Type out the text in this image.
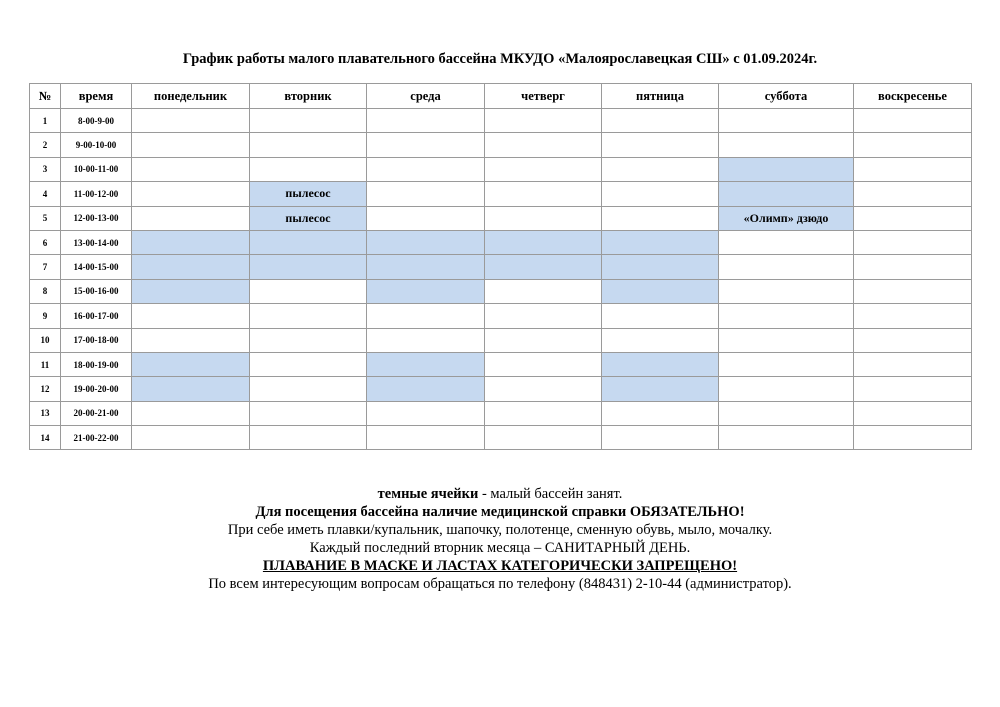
График работы малого плавательного бассейна МКУДО «Малоярославецкая СШ» с 01.09.2024г.
№	время	понедельник	вторник	среда	четверг	пятница	суббота	воскресенье
1	8-00-9-00							
2	9-00-10-00							
3	10-00-11-00							
4	11-00-12-00		пылесос					
5	12-00-13-00		пылесос				«Олимп» дзюдо	
6	13-00-14-00							
7	14-00-15-00							
8	15-00-16-00							
9	16-00-17-00							
10	17-00-18-00							
11	18-00-19-00							
12	19-00-20-00							
13	20-00-21-00							
14	21-00-22-00							
темные ячейки - малый бассейн занят.
Для посещения бассейна наличие медицинской справки ОБЯЗАТЕЛЬНО!
При себе иметь плавки/купальник, шапочку, полотенце, сменную обувь, мыло, мочалку.
Каждый последний вторник месяца – САНИТАРНЫЙ ДЕНЬ.
ПЛАВАНИЕ В МАСКЕ И ЛАСТАХ КАТЕГОРИЧЕСКИ ЗАПРЕЩЕНО!
По всем интересующим вопросам обращаться по телефону (848431) 2-10-44 (администратор).
